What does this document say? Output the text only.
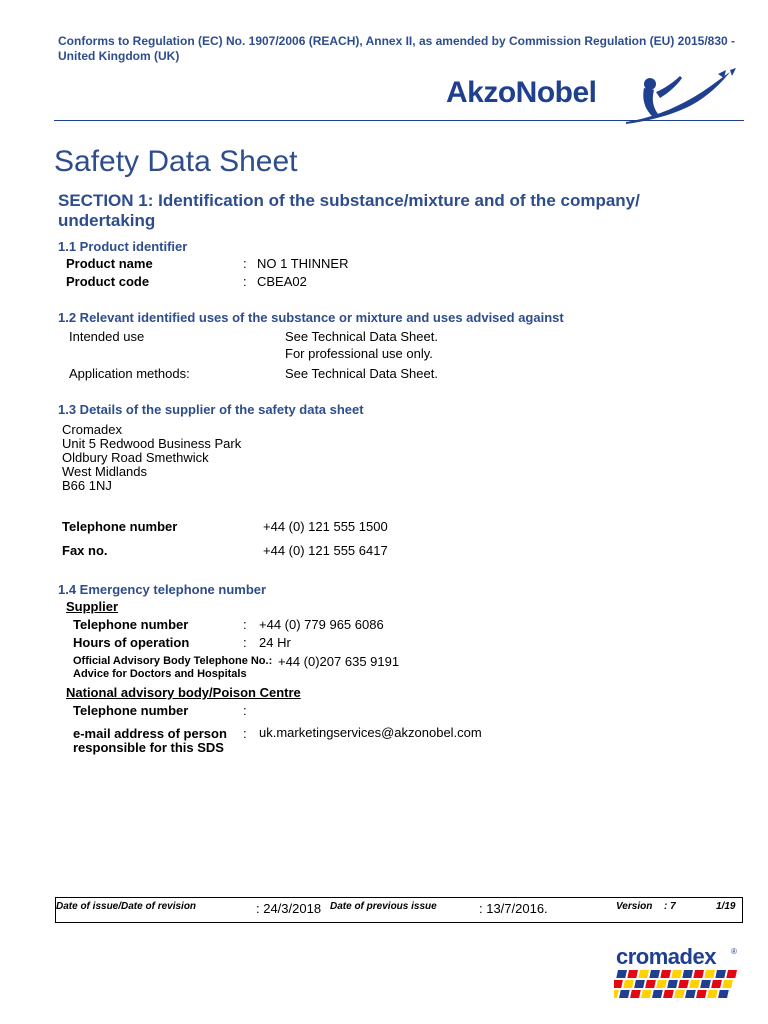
Conforms to Regulation (EC) No. 1907/2006 (REACH), Annex II, as amended by Commission Regulation (EU) 2015/830 - United Kingdom (UK)
AkzoNobel
Safety Data Sheet
SECTION 1: Identification of the substance/mixture and of the company/ undertaking
1.1 Product identifier
Product name	: NO 1 THINNER
Product code	: CBEA02
1.2 Relevant identified uses of the substance or mixture and uses advised against
Intended use	See Technical Data Sheet.
For professional use only.
Application methods:	See Technical Data Sheet.
1.3 Details of the supplier of the safety data sheet
Cromadex
Unit 5 Redwood Business Park
Oldbury Road Smethwick
West Midlands
B66 1NJ
Telephone number	+44 (0) 121 555 1500
Fax no.	+44 (0) 121 555 6417
1.4 Emergency telephone number
Supplier
Telephone number	: +44 (0) 779 965 6086
Hours of operation	: 24 Hr
Official Advisory Body Telephone No.: +44 (0)207 635 9191
Advice for Doctors and Hospitals
National advisory body/Poison Centre
Telephone number	:
e-mail address of person
responsible for this SDS
: uk.marketingservices@akzonobel.com
Date of issue/Date of revision	: 24/3/2018 Date of previous issue	: 13/7/2016.	Version : 7	1/19
cromadex ®
